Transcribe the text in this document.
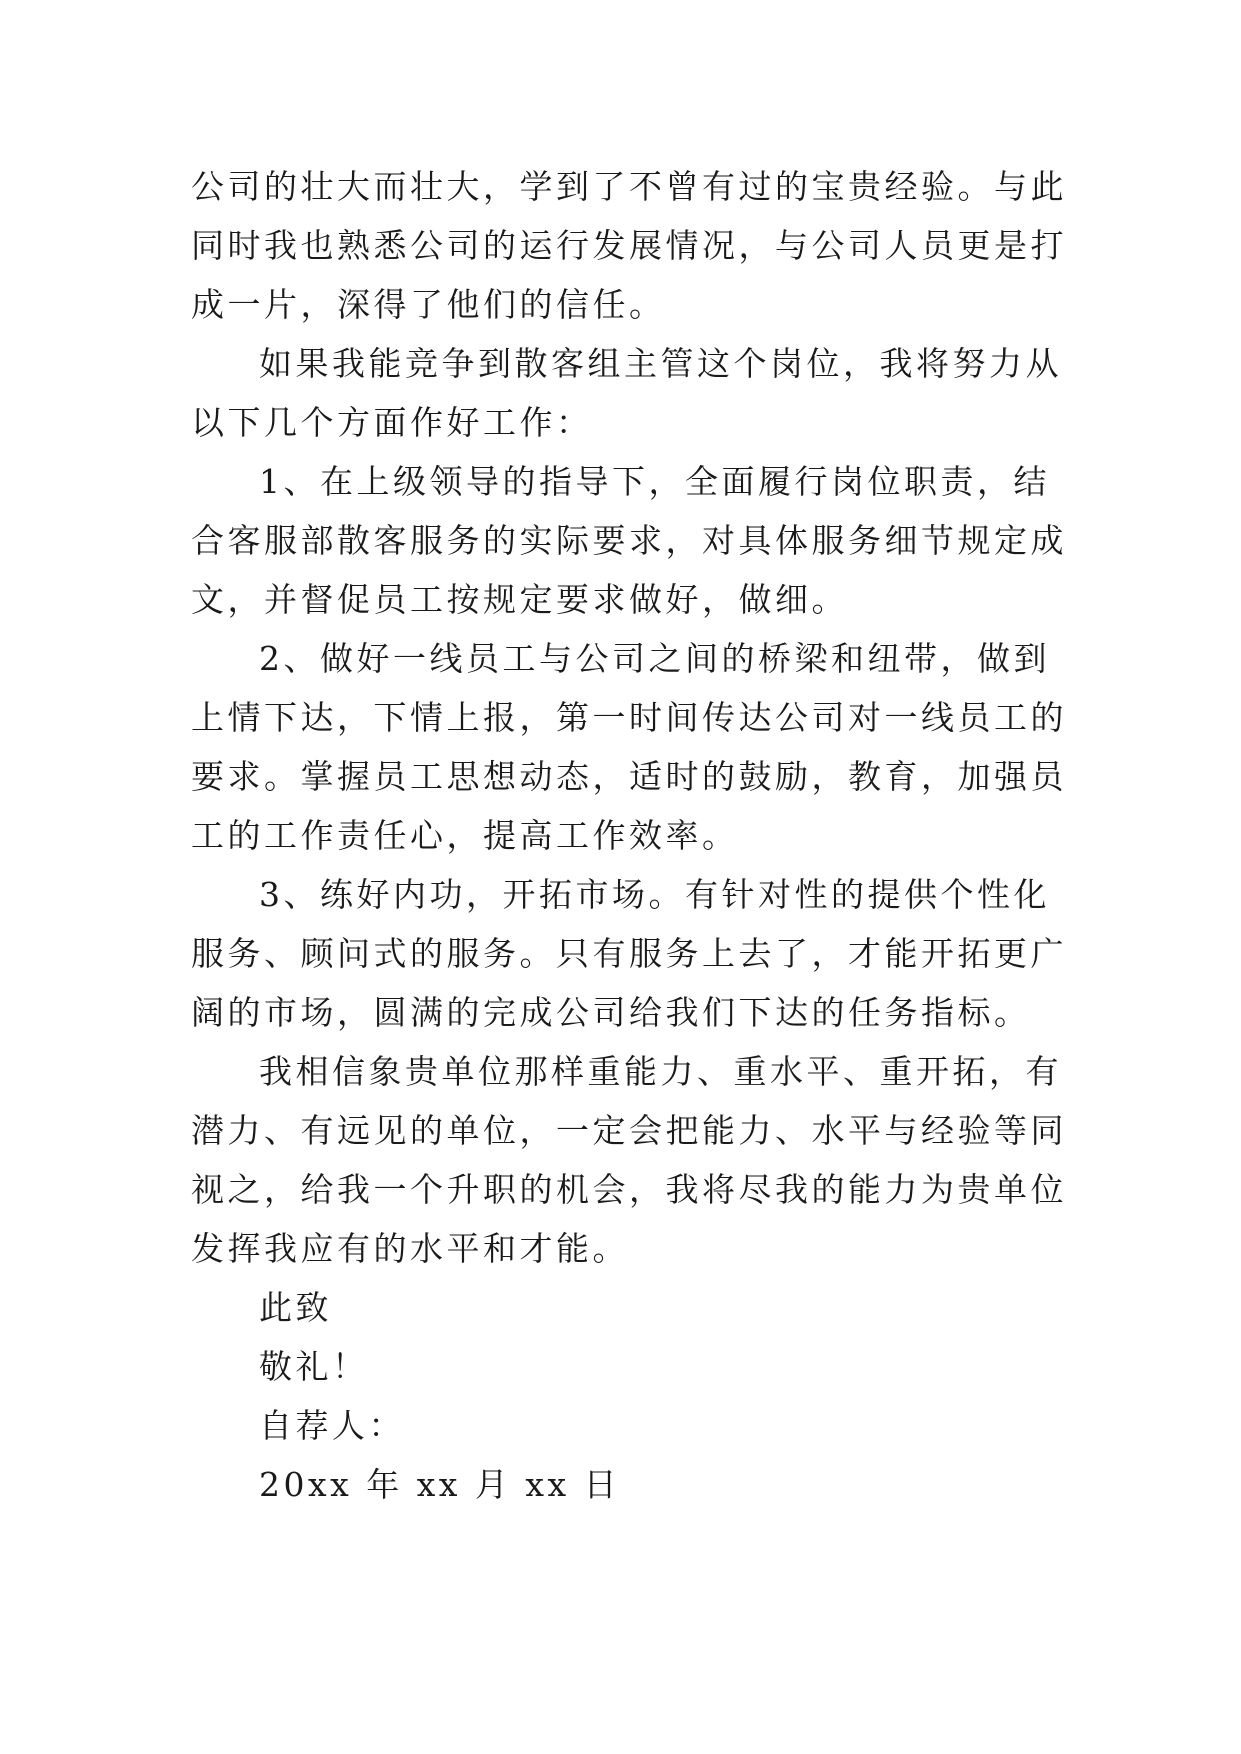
公司的壮大而壮大，学到了不曾有过的宝贵经验。与此同时我也熟悉公司的运行发展情况，与公司人员更是打成一片，深得了他们的信任。

如果我能竞争到散客组主管这个岗位，我将努力从以下几个方面作好工作：

1、在上级领导的指导下，全面履行岗位职责，结合客服部散客服务的实际要求，对具体服务细节规定成文，并督促员工按规定要求做好，做细。

2、做好一线员工与公司之间的桥梁和纽带，做到上情下达，下情上报，第一时间传达公司对一线员工的要求。掌握员工思想动态，适时的鼓励，教育，加强员工的工作责任心，提高工作效率。

3、练好内功，开拓市场。有针对性的提供个性化服务、顾问式的服务。只有服务上去了，才能开拓更广阔的市场，圆满的完成公司给我们下达的任务指标。

我相信象贵单位那样重能力、重水平、重开拓，有潜力、有远见的单位，一定会把能力、水平与经验等同视之，给我一个升职的机会，我将尽我的能力为贵单位发挥我应有的水平和才能。

此致

敬礼！

自荐人：

20xx 年 xx 月 xx 日
